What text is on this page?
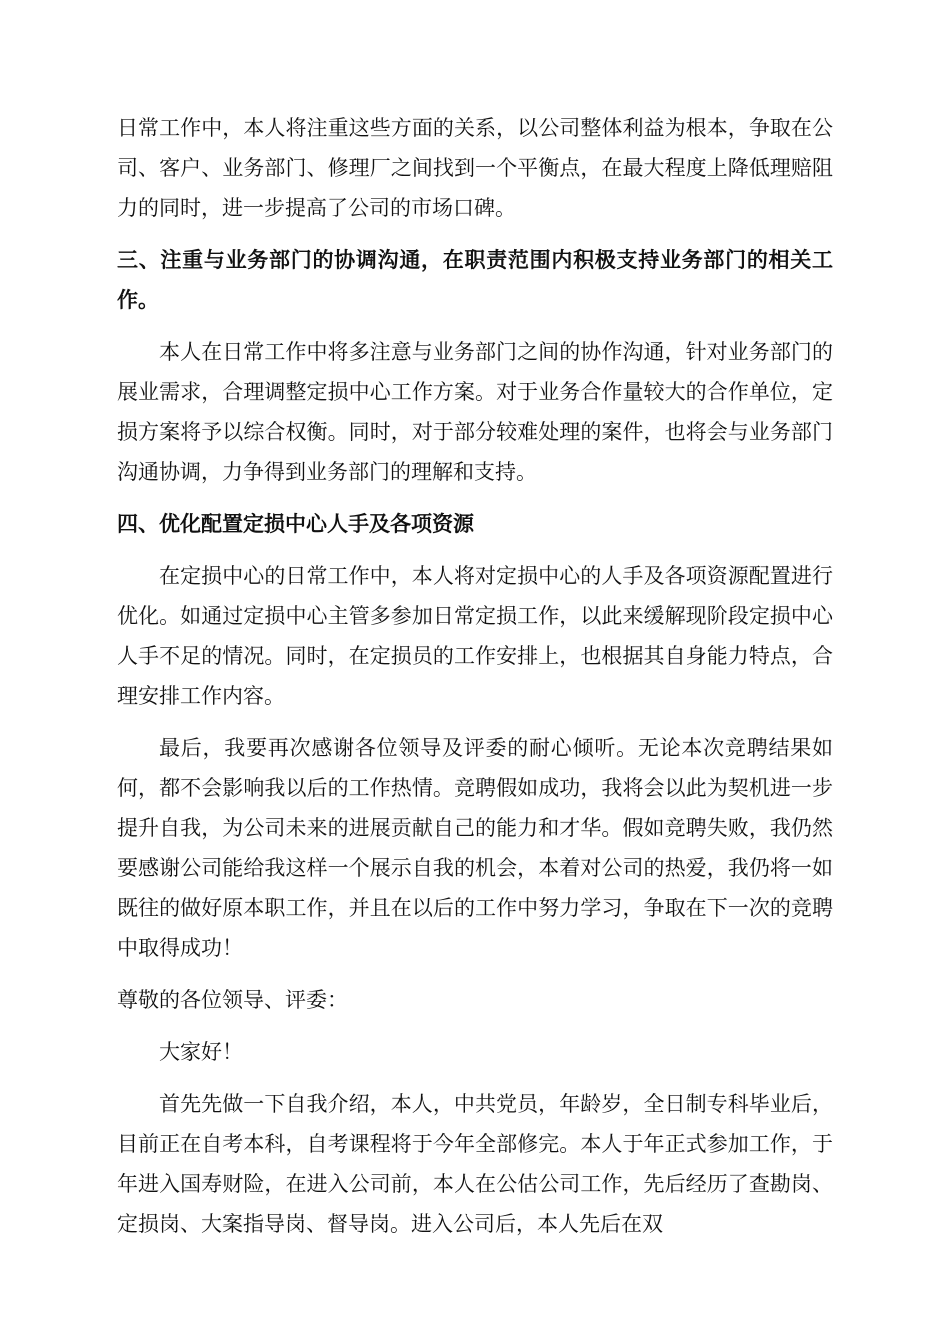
日常工作中，本人将注重这些方面的关系，以公司整体利益为根本，争取在公司、客户、业务部门、修理厂之间找到一个平衡点，在最大程度上降低理赔阻力的同时，进一步提高了公司的市场口碑。

三、注重与业务部门的协调沟通，在职责范围内积极支持业务部门的相关工作。

本人在日常工作中将多注意与业务部门之间的协作沟通，针对业务部门的展业需求，合理调整定损中心工作方案。对于业务合作量较大的合作单位，定损方案将予以综合权衡。同时，对于部分较难处理的案件，也将会与业务部门沟通协调，力争得到业务部门的理解和支持。

四、优化配置定损中心人手及各项资源

在定损中心的日常工作中，本人将对定损中心的人手及各项资源配置进行优化。如通过定损中心主管多参加日常定损工作，以此来缓解现阶段定损中心人手不足的情况。同时，在定损员的工作安排上，也根据其自身能力特点，合理安排工作内容。

最后，我要再次感谢各位领导及评委的耐心倾听。无论本次竞聘结果如何，都不会影响我以后的工作热情。竞聘假如成功，我将会以此为契机进一步提升自我，为公司未来的进展贡献自己的能力和才华。假如竞聘失败，我仍然要感谢公司能给我这样一个展示自我的机会，本着对公司的热爱，我仍将一如既往的做好原本职工作，并且在以后的工作中努力学习，争取在下一次的竞聘中取得成功！

尊敬的各位领导、评委：

大家好！

首先先做一下自我介绍，本人，中共党员，年龄岁，全日制专科毕业后，目前正在自考本科，自考课程将于今年全部修完。本人于年正式参加工作，于年进入国寿财险，在进入公司前，本人在公估公司工作，先后经历了查勘岗、定损岗、大案指导岗、督导岗。进入公司后，本人先后在双
